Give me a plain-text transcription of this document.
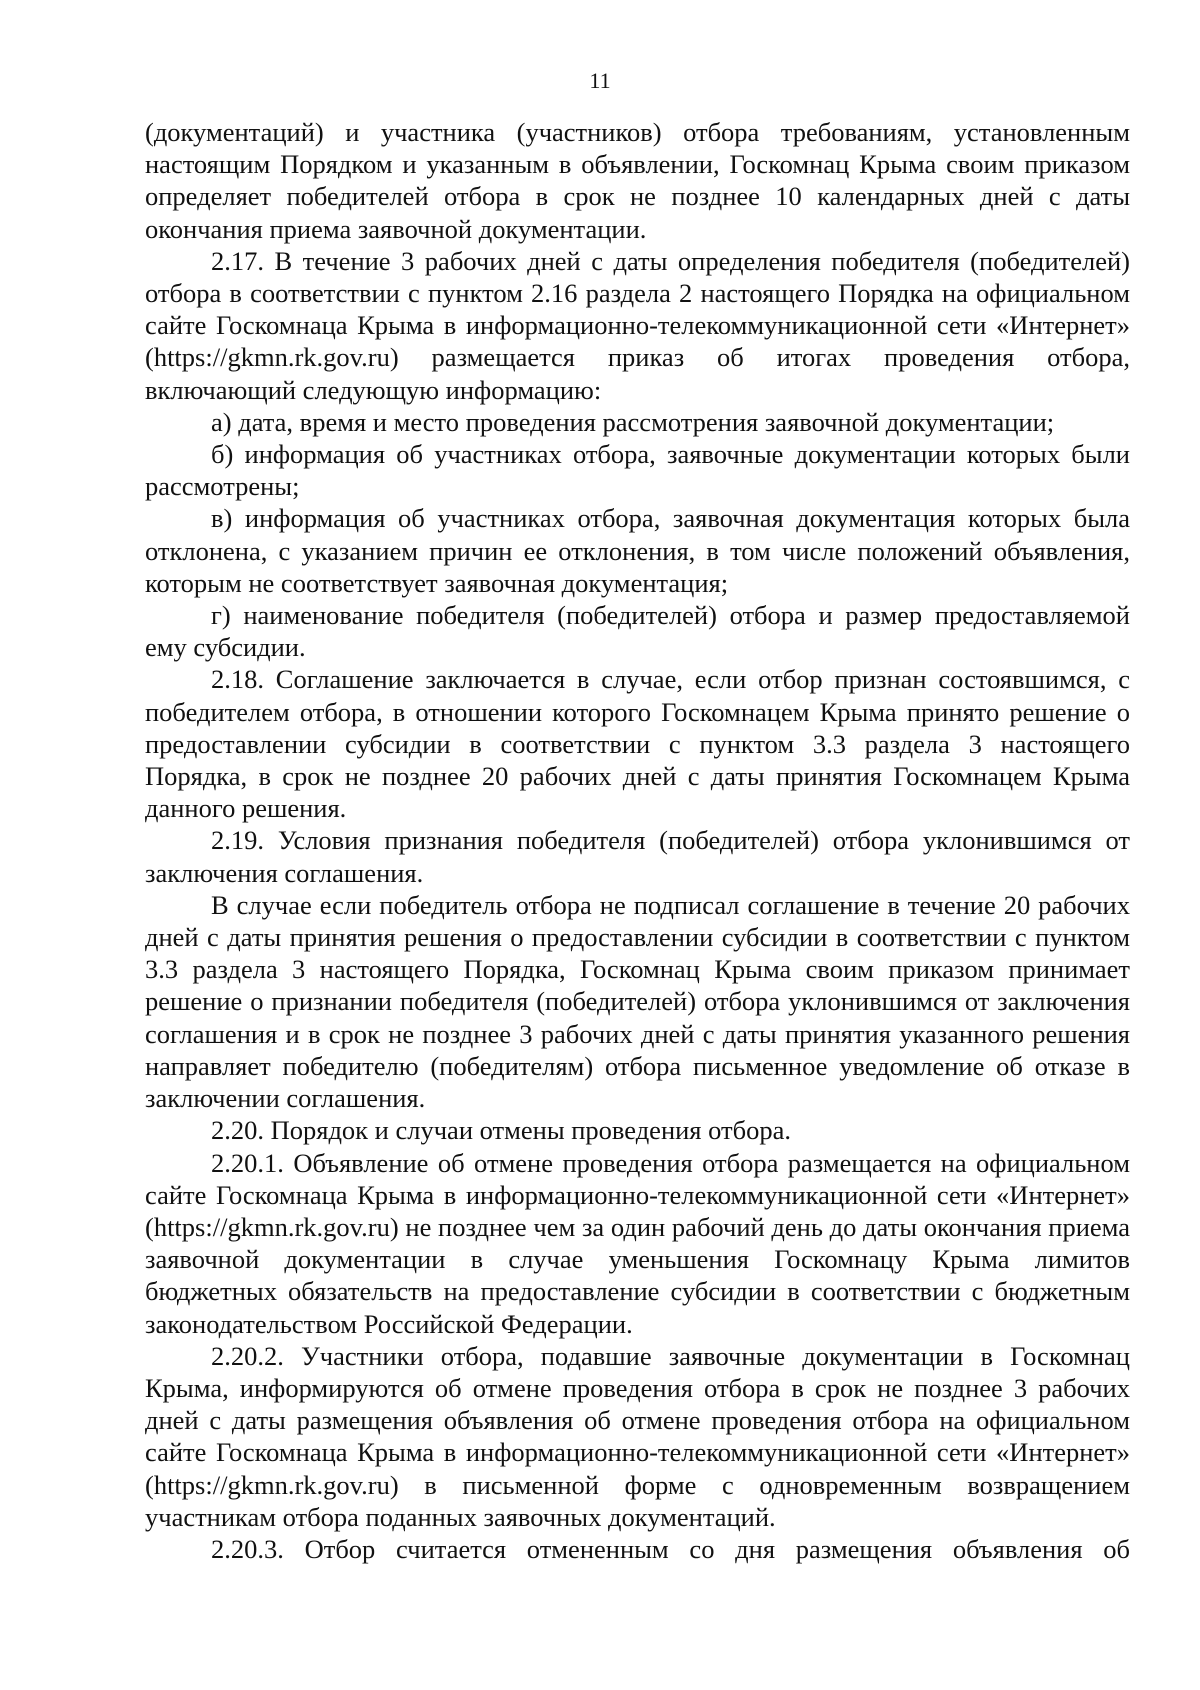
11

(документаций) и участника (участников) отбора требованиям, установленным настоящим Порядком и указанным в объявлении, Госкомнац Крыма своим приказом определяет победителей отбора в срок не позднее 10 календарных дней с даты окончания приема заявочной документации.

2.17. В течение 3 рабочих дней с даты определения победителя (победителей) отбора в соответствии с пунктом 2.16 раздела 2 настоящего Порядка на официальном сайте Госкомнаца Крыма в информационно-телекоммуникационной сети «Интернет» (https://gkmn.rk.gov.ru) размещается приказ об итогах проведения отбора, включающий следующую информацию:

а) дата, время и место проведения рассмотрения заявочной документации;

б) информация об участниках отбора, заявочные документации которых были рассмотрены;

в) информация об участниках отбора, заявочная документация которых была отклонена, с указанием причин ее отклонения, в том числе положений объявления, которым не соответствует заявочная документация;

г) наименование победителя (победителей) отбора и размер предоставляемой ему субсидии.

2.18. Соглашение заключается в случае, если отбор признан состоявшимся, с победителем отбора, в отношении которого Госкомнацем Крыма принято решение о предоставлении субсидии в соответствии с пунктом 3.3 раздела 3 настоящего Порядка, в срок не позднее 20 рабочих дней с даты принятия Госкомнацем Крыма данного решения.

2.19. Условия признания победителя (победителей) отбора уклонившимся от заключения соглашения.

В случае если победитель отбора не подписал соглашение в течение 20 рабочих дней с даты принятия решения о предоставлении субсидии в соответствии с пунктом 3.3 раздела 3 настоящего Порядка, Госкомнац Крыма своим приказом принимает решение о признании победителя (победителей) отбора уклонившимся от заключения соглашения и в срок не позднее 3 рабочих дней с даты принятия указанного решения направляет победителю (победителям) отбора письменное уведомление об отказе в заключении соглашения.

2.20. Порядок и случаи отмены проведения отбора.

2.20.1. Объявление об отмене проведения отбора размещается на официальном сайте Госкомнаца Крыма в информационно-телекоммуникационной сети «Интернет» (https://gkmn.rk.gov.ru) не позднее чем за один рабочий день до даты окончания приема заявочной документации в случае уменьшения Госкомнацу Крыма лимитов бюджетных обязательств на предоставление субсидии в соответствии с бюджетным законодательством Российской Федерации.

2.20.2. Участники отбора, подавшие заявочные документации в Госкомнац Крыма, информируются об отмене проведения отбора в срок не позднее 3 рабочих дней с даты размещения объявления об отмене проведения отбора на официальном сайте Госкомнаца Крыма в информационно-телекоммуникационной сети «Интернет» (https://gkmn.rk.gov.ru) в письменной форме с одновременным возвращением участникам отбора поданных заявочных документаций.

2.20.3. Отбор считается отмененным со дня размещения объявления об
